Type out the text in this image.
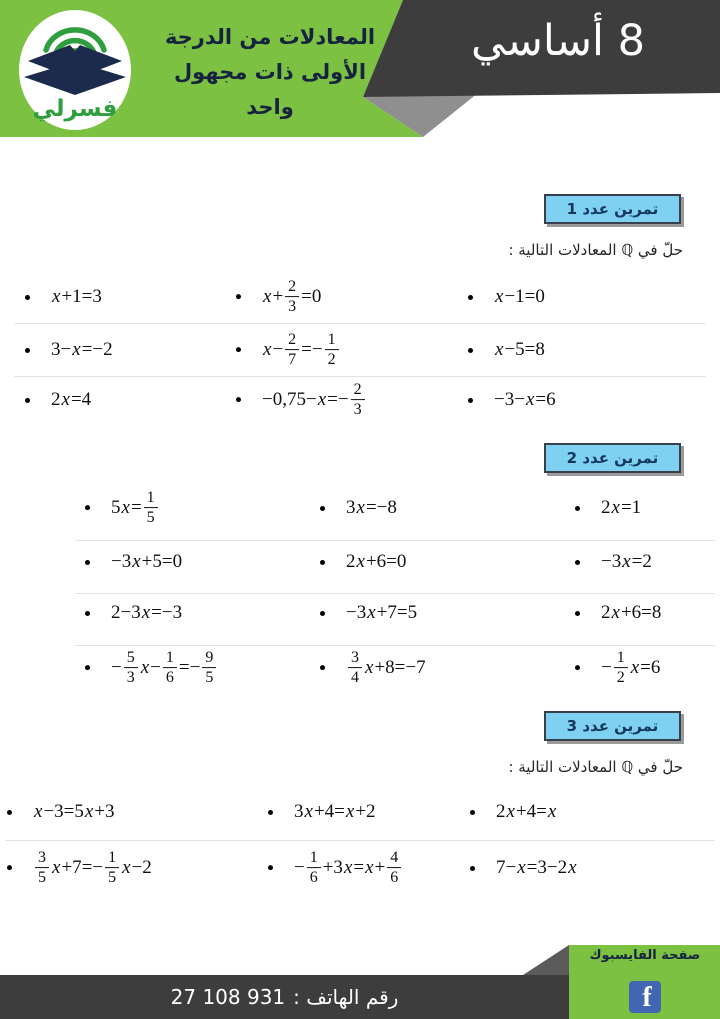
فسرلي
المعادلات من الدرجة
الأولى ذات مجهول
واحد
8 أساسي
تمرين عدد 1
حلّ في ℚ المعادلات التالية :
x +1=3	$x + \frac{2}{3} =0$	x −1=0
3− x =−2	$x - \frac{2}{7} =- \frac{1}{2}$	x −5=8
2 x =4	$-0,75- x =- \frac{2}{3}$	−3− x =6
تمرين عدد 2
5 $x = \frac{1}{5}$	3 x =−8	2 x =1
−3 x +5=0	2 x +6=0	−3 x =2
2−3 x =−3	−3 x +7=5	2 x +6=8
− $\frac{5}{3}$ $x - \frac{1}{6} =- \frac{9}{5}$	$\frac{3}{4}$ x +8=−7	− $\frac{1}{2}$ x =6
تمرين عدد 3
حلّ في ℚ المعادلات التالية :
x −3=5 x +3	3 x +4= x +2	2 x +4= x
$\frac{3}{5}$ $x +7=- \frac{1}{5}$ x −2	− $\frac{1}{6} +3$ $x = x + \frac{4}{6}$	7− x =3−2 x
صفحة الفايسبوك
f
رقم الهاتف :
27 108 931
